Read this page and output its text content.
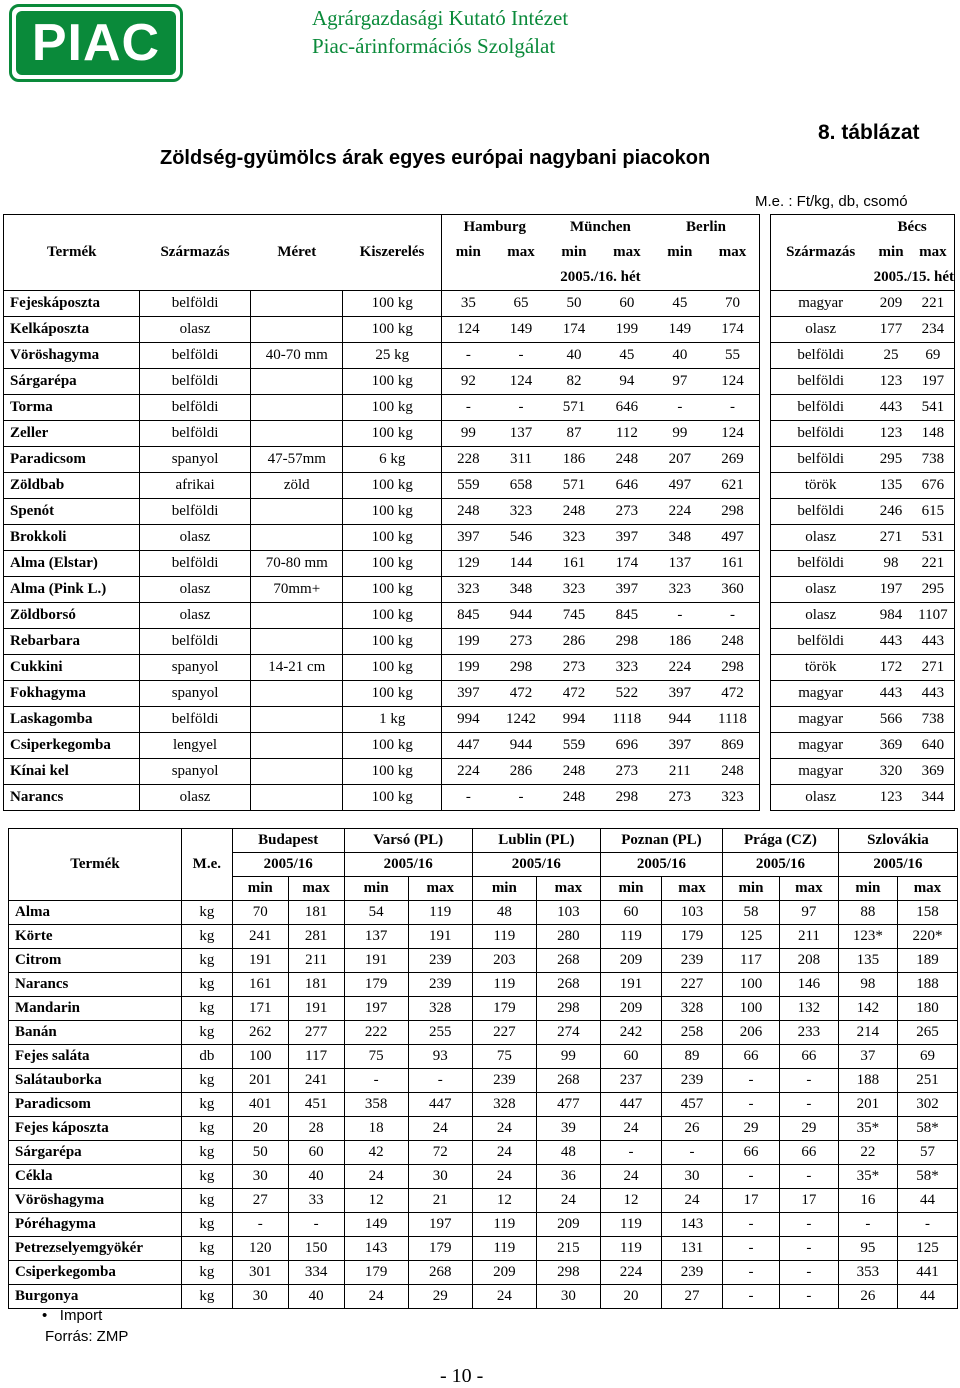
PIAC	Agrárgazdasági Kutató Intézet
Piac-árinformációs Szolgálat
8. táblázat
Zöldség-gyümölcs árak egyes európai nagybani piacokon
M.e. : Ft/kg, db, csomó
				Hamburg		München		Berlin				Bécs	
Termék	Származás	Méret	Kiszerelés	min	max	min	max	min	max		Származás	min	max
				2005./16. hét								2005./15. hét	
Fejeskáposzta	belföldi		100 kg	35	65	50	60	45	70		magyar	209	221
Kelkáposzta	olasz		100 kg	124	149	174	199	149	174		olasz	177	234
Vöröshagyma	belföldi	40-70 mm	25 kg	-	-	40	45	40	55		belföldi	25	69
Sárgarépa	belföldi		100 kg	92	124	82	94	97	124		belföldi	123	197
Torma	belföldi		100 kg	-	-	571	646	-	-		belföldi	443	541
Zeller	belföldi		100 kg	99	137	87	112	99	124		belföldi	123	148
Paradicsom	spanyol	47-57mm	6 kg	228	311	186	248	207	269		belföldi	295	738
Zöldbab	afrikai	zöld	100 kg	559	658	571	646	497	621		török	135	676
Spenót	belföldi		100 kg	248	323	248	273	224	298		belföldi	246	615
Brokkoli	olasz		100 kg	397	546	323	397	348	497		olasz	271	531
Alma (Elstar)	belföldi	70-80 mm	100 kg	129	144	161	174	137	161		belföldi	98	221
Alma (Pink L.)	olasz	70mm+	100 kg	323	348	323	397	323	360		olasz	197	295
Zöldborsó	olasz		100 kg	845	944	745	845	-	-		olasz	984	1107
Rebarbara	belföldi		100 kg	199	273	286	298	186	248		belföldi	443	443
Cukkini	spanyol	14-21 cm	100 kg	199	298	273	323	224	298		török	172	271
Fokhagyma	spanyol		100 kg	397	472	472	522	397	472		magyar	443	443
Laskagomba	belföldi		1 kg	994	1242	994	1118	944	1118		magyar	566	738
Csiperkegomba	lengyel		100 kg	447	944	559	696	397	869		magyar	369	640
Kínai kel	spanyol		100 kg	224	286	248	273	211	248		magyar	320	369
Narancs	olasz		100 kg	-	-	248	298	273	323		olasz	123	344
Termék	M.e.	Budapest		Varsó (PL)		Lublin (PL)		Poznan (PL)		Prága (CZ)		Szlovákia	
		2005/16		2005/16		2005/16		2005/16		2005/16		2005/16	
		min	max	min	max	min	max	min	max	min	max	min	max
Alma	kg	70	181	54	119	48	103	60	103	58	97	88	158
Körte	kg	241	281	137	191	119	280	119	179	125	211	123*	220*
Citrom	kg	191	211	191	239	203	268	209	239	117	208	135	189
Narancs	kg	161	181	179	239	119	268	191	227	100	146	98	188
Mandarin	kg	171	191	197	328	179	298	209	328	100	132	142	180
Banán	kg	262	277	222	255	227	274	242	258	206	233	214	265
Fejes saláta	db	100	117	75	93	75	99	60	89	66	66	37	69
Salátauborka	kg	201	241	-	-	239	268	237	239	-	-	188	251
Paradicsom	kg	401	451	358	447	328	477	447	457	-	-	201	302
Fejes káposzta	kg	20	28	18	24	24	39	24	26	29	29	35*	58*
Sárgarépa	kg	50	60	42	72	24	48	-	-	66	66	22	57
Cékla	kg	30	40	24	30	24	36	24	30	-	-	35*	58*
Vöröshagyma	kg	27	33	12	21	12	24	12	24	17	17	16	44
Póréhagyma	kg	-	-	149	197	119	209	119	143	-	-	-	-
Petrezselyemgyökér	kg	120	150	143	179	119	215	119	131	-	-	95	125
Csiperkegomba	kg	301	334	179	268	209	298	224	239	-	-	353	441
Burgonya	kg	30	40	24	29	24	30	20	27	-	-	26	44
• Import
Forrás: ZMP
- 10 -
